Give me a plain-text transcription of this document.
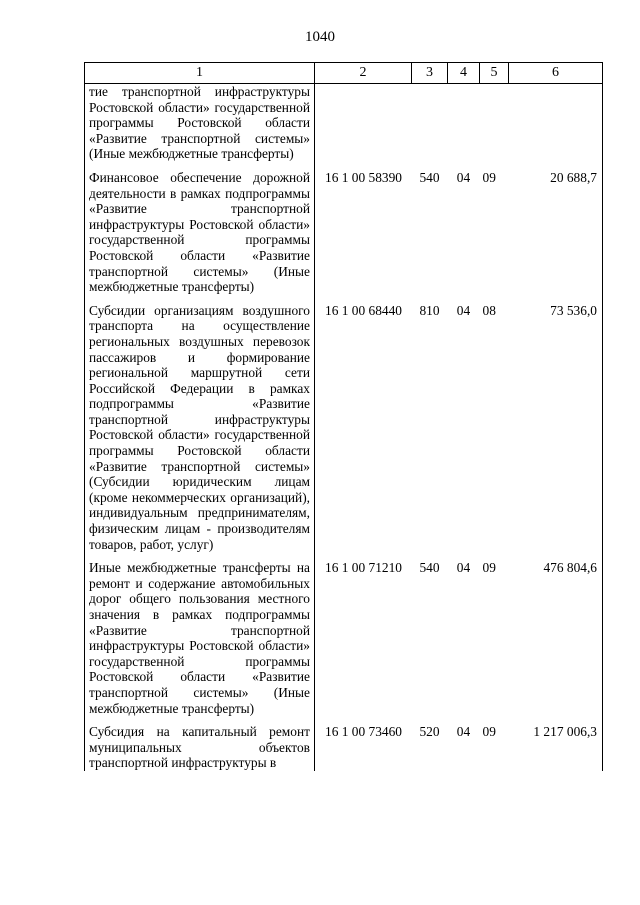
1040
1	2	3	4	5	6
тие транспортной инфраструктуры Ростовской области» государственной программы Ростовской области «Развитие транспортной системы» (Иные межбюджетные трансферты)					

Финансовое обеспечение дорожной деятельности в рамках подпрограммы «Развитие транспортной инфраструктуры Ростовской области» государственной программы Ростовской области «Развитие транспортной системы» (Иные межбюджетные трансферты)	16 1 00 58390	540	04	09	20 688,7

Субсидии организациям воздушного транспорта на осуществление региональных воздушных перевозок пассажиров и формирование региональной маршрутной сети Российской Федерации в рамках подпрограммы «Развитие транспортной инфраструктуры Ростовской области» государственной программы Ростовской области «Развитие транспортной системы» (Субсидии юридическим лицам (кроме некоммерческих организаций), индивидуальным предпринимателям, физическим лицам - производителям товаров, работ, услуг)	16 1 00 68440	810	04	08	73 536,0

Иные межбюджетные трансферты на ремонт и содержание автомобильных дорог общего пользования местного значения в рамках подпрограммы «Развитие транспортной инфраструктуры Ростовской области» государственной программы Ростовской области «Развитие транспортной системы» (Иные межбюджетные трансферты)	16 1 00 71210	540	04	09	476 804,6

Субсидия на капитальный ремонт муниципальных объектов транспортной инфраструктуры в	16 1 00 73460	520	04	09	1 217 006,3
